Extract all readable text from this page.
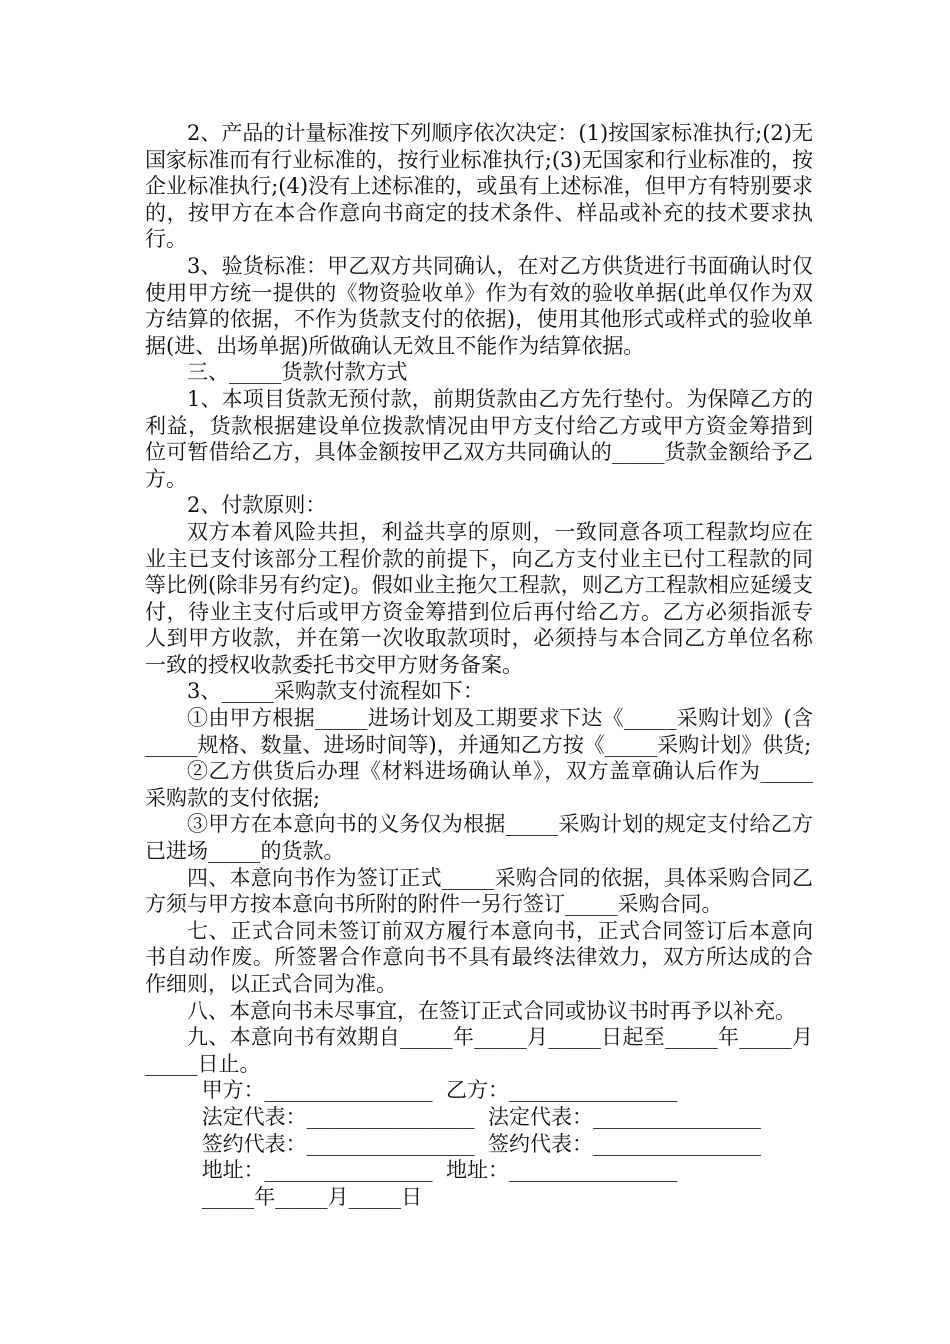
2、产品的计量标准按下列顺序依次决定：(1)按国家标准执行;(2)无国家标准而有行业标准的，按行业标准执行;(3)无国家和行业标准的，按企业标准执行;(4)没有上述标准的，或虽有上述标准，但甲方有特别要求的，按甲方在本合作意向书商定的技术条件、样品或补充的技术要求执行。

3、验货标准：甲乙双方共同确认，在对乙方供货进行书面确认时仅使用甲方统一提供的《物资验收单》作为有效的验收单据(此单仅作为双方结算的依据，不作为货款支付的依据)，使用其他形式或样式的验收单据(进、出场单据)所做确认无效且不能作为结算依据。

三、_____货款付款方式

1、本项目货款无预付款，前期货款由乙方先行垫付。为保障乙方的利益，货款根据建设单位拨款情况由甲方支付给乙方或甲方资金筹措到位可暂借给乙方，具体金额按甲乙双方共同确认的_____货款金额给予乙方。

2、付款原则：

双方本着风险共担，利益共享的原则，一致同意各项工程款均应在业主已支付该部分工程价款的前提下，向乙方支付业主已付工程款的同等比例(除非另有约定)。假如业主拖欠工程款，则乙方工程款相应延缓支付，待业主支付后或甲方资金筹措到位后再付给乙方。乙方必须指派专人到甲方收款，并在第一次收取款项时，必须持与本合同乙方单位名称一致的授权收款委托书交甲方财务备案。

3、_____采购款支付流程如下：

①由甲方根据_____进场计划及工期要求下达《_____采购计划》(含_____规格、数量、进场时间等)，并通知乙方按《_____采购计划》供货;

②乙方供货后办理《材料进场确认单》，双方盖章确认后作为_____采购款的支付依据;

③甲方在本意向书的义务仅为根据_____采购计划的规定支付给乙方已进场_____的货款。

四、本意向书作为签订正式_____采购合同的依据，具体采购合同乙方须与甲方按本意向书所附的附件一另行签订_____采购合同。

七、正式合同未签订前双方履行本意向书，正式合同签订后本意向书自动作废。所签署合作意向书不具有最终法律效力，双方所达成的合作细则，以正式合同为准。

八、本意向书未尽事宜，在签订正式合同或协议书时再予以补充。

九、本意向书有效期自_____年_____月_____日起至_____年_____月_____日止。

甲方：________________  乙方：________________

法定代表：________________  法定代表：________________

签约代表：________________  签约代表：________________

地址：________________  地址：________________

_____年_____月_____日
